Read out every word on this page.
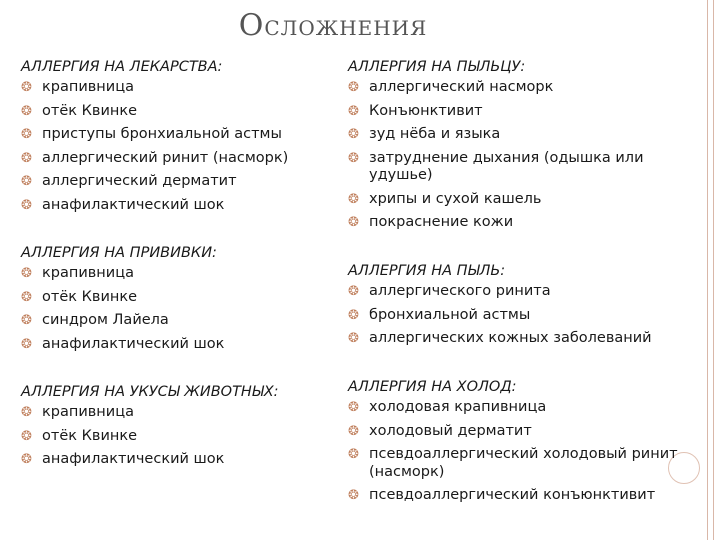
ОСЛОЖНЕНИЯ
АЛЛЕРГИЯ НА ЛЕКАРСТВА:
❂ крапивница
❂ отёк Квинке
❂ приступы бронхиальной астмы
❂ аллергический ринит (насморк)
❂ аллергический дерматит
❂ анафилактический шок
АЛЛЕРГИЯ НА ПРИВИВКИ:
❂ крапивница
❂ отёк Квинке
❂ синдром Лайела
❂ анафилактический шок
АЛЛЕРГИЯ НА УКУСЫ ЖИВОТНЫХ:
❂ крапивница
❂ отёк Квинке
❂ анафилактический шок
АЛЛЕРГИЯ НА ПЫЛЬЦУ:
❂ аллергический насморк
❂ Конъюнктивит
❂ зуд нёба и языка
❂ затруднение дыхания (одышка или удушье)
❂ хрипы и сухой кашель
❂ покраснение кожи
АЛЛЕРГИЯ НА ПЫЛЬ:
❂ аллергического ринита
❂ бронхиальной астмы
❂ аллергических кожных заболеваний
АЛЛЕРГИЯ НА ХОЛОД:
❂ холодовая крапивница
❂ холодовый дерматит
❂ псевдоаллергический холодовый ринит (насморк)
❂ псевдоаллергический конъюнктивит
